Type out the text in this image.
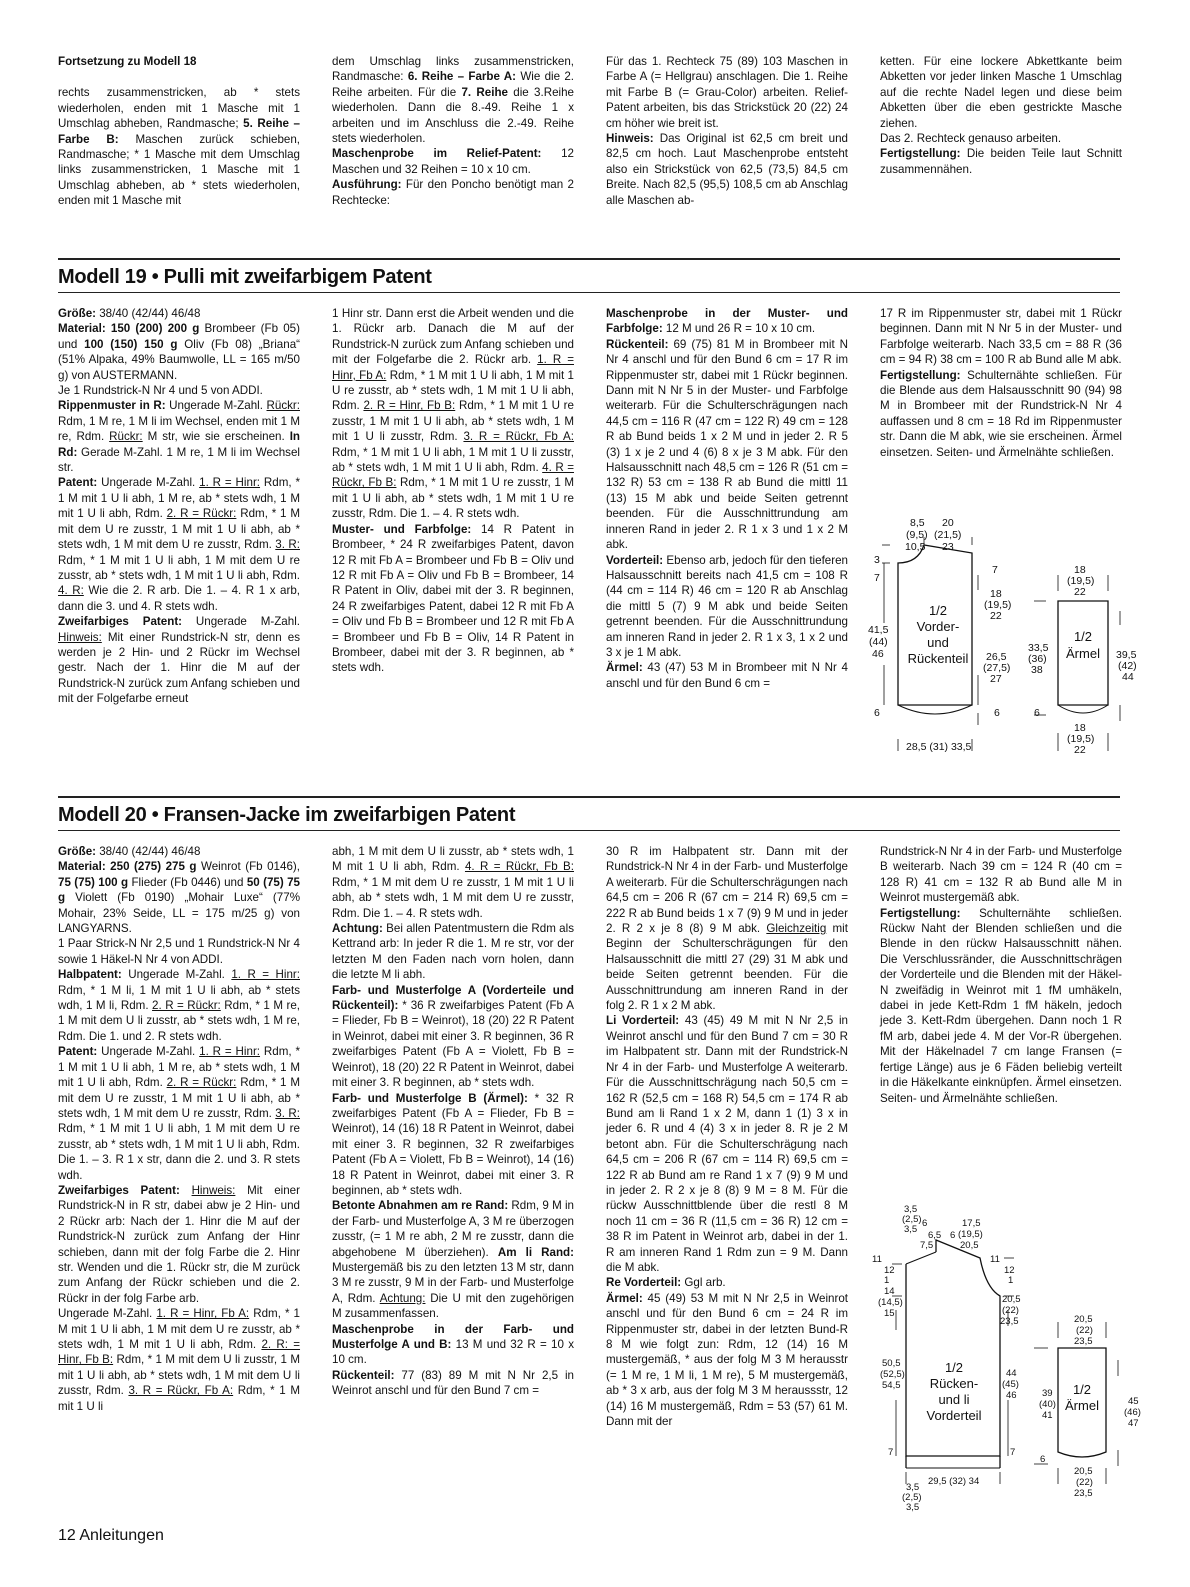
Fortsetzung zu Modell 18

rechts zusammenstricken, ab * stets wiederholen, enden mit 1 Masche mit 1 Umschlag abheben, Randmasche; 5. Reihe – Farbe B: Maschen zurück schieben, Randmasche; * 1 Masche mit dem Umschlag links zusammenstricken, 1 Masche mit 1 Umschlag abheben, ab * stets wiederholen, enden mit 1 Masche mit

dem Umschlag links zusammenstricken, Randmasche: 6. Reihe – Farbe A: Wie die 2. Reihe arbeiten. Für die 7. Reihe die 3.Reihe wiederholen. Dann die 8.-49. Reihe 1 x arbeiten und im Anschluss die 2.-49. Reihe stets wiederholen.

Maschenprobe im Relief-Patent: 12 Maschen und 32 Reihen = 10 x 10 cm.

Ausführung: Für den Poncho benötigt man 2 Rechtecke:

Für das 1. Rechteck 75 (89) 103 Maschen in Farbe A (= Hellgrau) anschlagen. Die 1. Reihe mit Farbe B (= Grau-Color) arbeiten. Relief-Patent arbeiten, bis das Strickstück 20 (22) 24 cm höher wie breit ist.

Hinweis: Das Original ist 62,5 cm breit und 82,5 cm hoch. Laut Maschenprobe entsteht also ein Strickstück von 62,5 (73,5) 84,5 cm Breite. Nach 82,5 (95,5) 108,5 cm ab Anschlag alle Maschen ab-

ketten. Für eine lockere Abkettkante beim Abketten vor jeder linken Masche 1 Umschlag auf die rechte Nadel legen und diese beim Abketten über die eben gestrickte Masche ziehen.

Das 2. Rechteck genauso arbeiten.

Fertigstellung: Die beiden Teile laut Schnitt zusammennähen.

Modell 19 • Pulli mit zweifarbigem Patent

Größe: 38/40 (42/44) 46/48
Material: 150 (200) 200 g Brombeer (Fb 05) und 100 (150) 150 g Oliv (Fb 08) „Briana“ (51% Alpaka, 49% Baumwolle, LL = 165 m/50 g) von AUSTERMANN.
Je 1 Rundstrick-N Nr 4 und 5 von ADDI.
Rippenmuster in R: Ungerade M-Zahl. Rückr: Rdm, 1 M re, 1 M li im Wechsel, enden mit 1 M re, Rdm. Rückr: M str, wie sie erscheinen. In Rd: Gerade M-Zahl. 1 M re, 1 M li im Wechsel str.
Patent: Ungerade M-Zahl. 1. R = Hinr: Rdm, * 1 M mit 1 U li abh, 1 M re, ab * stets wdh, 1 M mit 1 U li abh, Rdm. 2. R = Rückr: Rdm, * 1 M mit dem U re zusstr, 1 M mit 1 U li abh, ab * stets wdh, 1 M mit dem U re zusstr, Rdm. 3. R: Rdm, * 1 M mit 1 U li abh, 1 M mit dem U re zusstr, ab * stets wdh, 1 M mit 1 U li abh, Rdm. 4. R: Wie die 2. R arb. Die 1. – 4. R 1 x arb, dann die 3. und 4. R stets wdh.
Zweifarbiges Patent: Ungerade M-Zahl. Hinweis: Mit einer Rundstrick-N str, denn es werden je 2 Hin- und 2 Rückr im Wechsel gestr. Nach der 1. Hinr die M auf der Rundstrick-N zurück zum Anfang schieben und mit der Folgefarbe erneut

1 Hinr str. Dann erst die Arbeit wenden und die 1. Rückr arb. Danach die M auf der Rundstrick-N zurück zum Anfang schieben und mit der Folgefarbe die 2. Rückr arb. 1. R = Hinr, Fb A: Rdm, * 1 M mit 1 U li abh, 1 M mit 1 U re zusstr, ab * stets wdh, 1 M mit 1 U li abh, Rdm. 2. R = Hinr, Fb B: Rdm, * 1 M mit 1 U re zusstr, 1 M mit 1 U li abh, ab * stets wdh, 1 M mit 1 U li zusstr, Rdm. 3. R = Rückr, Fb A: Rdm, * 1 M mit 1 U li abh, 1 M mit 1 U li zusstr, ab * stets wdh, 1 M mit 1 U li abh, Rdm. 4. R = Rückr, Fb B: Rdm, * 1 M mit 1 U re zusstr, 1 M mit 1 U li abh, ab * stets wdh, 1 M mit 1 U re zusstr, Rdm. Die 1. – 4. R stets wdh.
Muster- und Farbfolge: 14 R Patent in Brombeer, * 24 R zweifarbiges Patent, davon 12 R mit Fb A = Brombeer und Fb B = Oliv und 12 R mit Fb A = Oliv und Fb B = Brombeer, 14 R Patent in Oliv, dabei mit der 3. R beginnen, 24 R zweifarbiges Patent, dabei 12 R mit Fb A = Oliv und Fb B = Brombeer und 12 R mit Fb A = Brombeer und Fb B = Oliv, 14 R Patent in Brombeer, dabei mit der 3. R beginnen, ab * stets wdh.

Maschenprobe in der Muster- und Farbfolge: 12 M und 26 R = 10 x 10 cm.
Rückenteil: 69 (75) 81 M in Brombeer mit N Nr 4 anschl und für den Bund 6 cm = 17 R im Rippenmuster str, dabei mit 1 Rückr beginnen. Dann mit N Nr 5 in der Muster- und Farbfolge weiterarb. Für die Schulterschrägungen nach 44,5 cm = 116 R (47 cm = 122 R) 49 cm = 128 R ab Bund beids 1 x 2 M und in jeder 2. R 5 (3) 1 x je 2 und 4 (6) 8 x je 3 M abk. Für den Halsausschnitt nach 48,5 cm = 126 R (51 cm = 132 R) 53 cm = 138 R ab Bund die mittl 11 (13) 15 M abk und beide Seiten getrennt beenden. Für die Ausschnittrundung am inneren Rand in jeder 2. R 1 x 3 und 1 x 2 M abk.
Vorderteil: Ebenso arb, jedoch für den tieferen Halsausschnitt bereits nach 41,5 cm = 108 R (44 cm = 114 R) 46 cm = 120 R ab Anschlag die mittl 5 (7) 9 M abk und beide Seiten getrennt beenden. Für die Ausschnittrundung am inneren Rand in jeder 2. R 1 x 3, 1 x 2 und 3 x je 1 M abk.
Ärmel: 43 (47) 53 M in Brombeer mit N Nr 4 anschl und für den Bund 6 cm =

17 R im Rippenmuster str, dabei mit 1 Rückr beginnen. Dann mit N Nr 5 in der Muster- und Farbfolge weiterarb. Nach 33,5 cm = 88 R (36 cm = 94 R) 38 cm = 100 R ab Bund alle M abk.
Fertigstellung: Schulternähte schließen. Für die Blende aus dem Halsausschnitt 90 (94) 98 M in Brombeer mit der Rundstrick-N Nr 4 auffassen und 8 cm = 18 Rd im Rippenmuster str. Dann die M abk, wie sie erscheinen. Ärmel einsetzen. Seiten- und Ärmelnähte schließen.

8,5
(9,5)
10,5
20
(21,5)
23
3
7
41,5
(44)
46
7
18
(19,5)
22
26,5
(27,5)
27
6	6	6
28,5 (31) 33,5
18
(19,5)
22
33,5
(36)
38
39,5
(42)
44
18
(19,5)
22
1/2
Vorder-
und
Rückenteil
1/2
Ärmel
Modell 20 • Fransen-Jacke im zweifarbigen Patent

Größe: 38/40 (42/44) 46/48
Material: 250 (275) 275 g Weinrot (Fb 0146), 75 (75) 100 g Flieder (Fb 0446) und 50 (75) 75 g Violett (Fb 0190) „Mohair Luxe“ (77% Mohair, 23% Seide, LL = 175 m/25 g) von LANGYARNS.
1 Paar Strick-N Nr 2,5 und 1 Rundstrick-N Nr 4 sowie 1 Häkel-N Nr 4 von ADDI.
Halbpatent: Ungerade M-Zahl. 1. R = Hinr: Rdm, * 1 M li, 1 M mit 1 U li abh, ab * stets wdh, 1 M li, Rdm. 2. R = Rückr: Rdm, * 1 M re, 1 M mit dem U li zusstr, ab * stets wdh, 1 M re, Rdm. Die 1. und 2. R stets wdh.
Patent: Ungerade M-Zahl. 1. R = Hinr: Rdm, * 1 M mit 1 U li abh, 1 M re, ab * stets wdh, 1 M mit 1 U li abh, Rdm. 2. R = Rückr: Rdm, * 1 M mit dem U re zusstr, 1 M mit 1 U li abh, ab * stets wdh, 1 M mit dem U re zusstr, Rdm. 3. R: Rdm, * 1 M mit 1 U li abh, 1 M mit dem U re zusstr, ab * stets wdh, 1 M mit 1 U li abh, Rdm. Die 1. – 3. R 1 x str, dann die 2. und 3. R stets wdh.
Zweifarbiges Patent: Hinweis: Mit einer Rundstrick-N in R str, dabei abw je 2 Hin- und 2 Rückr arb: Nach der 1. Hinr die M auf der Rundstrick-N zurück zum Anfang der Hinr schieben, dann mit der folg Farbe die 2. Hinr str. Wenden und die 1. Rückr str, die M zurück zum Anfang der Rückr schieben und die 2. Rückr in der folg Farbe arb.
Ungerade M-Zahl. 1. R = Hinr, Fb A: Rdm, * 1 M mit 1 U li abh, 1 M mit dem U re zusstr, ab * stets wdh, 1 M mit 1 U li abh, Rdm. 2. R: = Hinr, Fb B: Rdm, * 1 M mit dem U li zusstr, 1 M mit 1 U li abh, ab * stets wdh, 1 M mit dem U li zusstr, Rdm. 3. R = Rückr, Fb A: Rdm, * 1 M mit 1 U li

abh, 1 M mit dem U li zusstr, ab * stets wdh, 1 M mit 1 U li abh, Rdm. 4. R = Rückr, Fb B: Rdm, * 1 M mit dem U re zusstr, 1 M mit 1 U li abh, ab * stets wdh, 1 M mit dem U re zusstr, Rdm. Die 1. – 4. R stets wdh.
Achtung: Bei allen Patentmustern die Rdm als Kettrand arb: In jeder R die 1. M re str, vor der letzten M den Faden nach vorn holen, dann die letzte M li abh.
Farb- und Musterfolge A (Vorderteile und Rückenteil): * 36 R zweifarbiges Patent (Fb A = Flieder, Fb B = Weinrot), 18 (20) 22 R Patent in Weinrot, dabei mit einer 3. R beginnen, 36 R zweifarbiges Patent (Fb A = Violett, Fb B = Weinrot), 18 (20) 22 R Patent in Weinrot, dabei mit einer 3. R beginnen, ab * stets wdh.
Farb- und Musterfolge B (Ärmel): * 32 R zweifarbiges Patent (Fb A = Flieder, Fb B = Weinrot), 14 (16) 18 R Patent in Weinrot, dabei mit einer 3. R beginnen, 32 R zweifarbiges Patent (Fb A = Violett, Fb B = Weinrot), 14 (16) 18 R Patent in Weinrot, dabei mit einer 3. R beginnen, ab * stets wdh.
Betonte Abnahmen am re Rand: Rdm, 9 M in der Farb- und Musterfolge A, 3 M re überzogen zusstr, (= 1 M re abh, 2 M re zusstr, dann die abgehobene M überziehen). Am li Rand: Mustergemäß bis zu den letzten 13 M str, dann 3 M re zusstr, 9 M in der Farb- und Musterfolge A, Rdm. Achtung: Die U mit den zugehörigen M zusammenfassen.
Maschenprobe in der Farb- und Musterfolge A und B: 13 M und 32 R = 10 x 10 cm.
Rückenteil: 77 (83) 89 M mit N Nr 2,5 in Weinrot anschl und für den Bund 7 cm =

30 R im Halbpatent str. Dann mit der Rundstrick-N Nr 4 in der Farb- und Musterfolge A weiterarb. Für die Schulterschrägungen nach 64,5 cm = 206 R (67 cm = 214 R) 69,5 cm = 222 R ab Bund beids 1 x 7 (9) 9 M und in jeder 2. R 2 x je 8 (8) 9 M abk. Gleichzeitig mit Beginn der Schulterschrägungen für den Halsausschnitt die mittl 27 (29) 31 M abk und beide Seiten getrennt beenden. Für die Ausschnittrundung am inneren Rand in der folg 2. R 1 x 2 M abk.
Li Vorderteil: 43 (45) 49 M mit N Nr 2,5 in Weinrot anschl und für den Bund 7 cm = 30 R im Halbpatent str. Dann mit der Rundstrick-N Nr 4 in der Farb- und Musterfolge A weiterarb. Für die Ausschnittschrägung nach 50,5 cm = 162 R (52,5 cm = 168 R) 54,5 cm = 174 R ab Bund am li Rand 1 x 2 M, dann 1 (1) 3 x in jeder 6. R und 4 (4) 3 x in jeder 8. R je 2 M betont abn. Für die Schulterschrägung nach 64,5 cm = 206 R (67 cm = 114 R) 69,5 cm = 122 R ab Bund am re Rand 1 x 7 (9) 9 M und in jeder 2. R 2 x je 8 (8) 9 M = 8 M. Für die rückw Ausschnittblende über die restl 8 M noch 11 cm = 36 R (11,5 cm = 36 R) 12 cm = 38 R im Patent in Weinrot arb, dabei in der 1. R am inneren Rand 1 Rdm zun = 9 M. Dann die M abk.
Re Vorderteil: Ggl arb.
Ärmel: 45 (49) 53 M mit N Nr 2,5 in Weinrot anschl und für den Bund 6 cm = 24 R im Rippenmuster str, dabei in der letzten Bund-R 8 M wie folgt zun: Rdm, 12 (14) 16 M mustergemäß, * aus der folg M 3 M herausstr (= 1 M re, 1 M li, 1 M re), 5 M mustergemäß, ab * 3 x arb, aus der folg M 3 M heraussstr, 12 (14) 16 M mustergemäß, Rdm = 53 (57) 61 M. Dann mit der

Rundstrick-N Nr 4 in der Farb- und Musterfolge B weiterarb. Nach 39 cm = 124 R (40 cm = 128 R) 41 cm = 132 R ab Bund alle M in Weinrot mustergemäß abk.
Fertigstellung: Schulternähte schließen. Rückw Naht der Blenden schließen und die Blende in den rückw Halsausschnitt nähen. Die Verschlussränder, die Ausschnittschrägen der Vorderteile und die Blenden mit der Häkel-N zweifädig in Weinrot mit 1 fM umhäkeln, dabei in jede Kett-Rdm 1 fM häkeln, jedoch jede 3. Kett-Rdm übergehen. Dann noch 1 R fM arb, dabei jede 4. M der Vor-R übergehen. Mit der Häkelnadel 7 cm lange Fransen (= fertige Länge) aus je 6 Fäden beliebig verteilt in die Häkelkante einknüpfen. Ärmel einsetzen. Seiten- und Ärmelnähte schließen.

3,5
(2,5)
3,5
6
6,5
7,5
6
17,5
(19,5)
20,5
11
12
1
14
(14,5)
15
11
12
1
20,5
(22)
23,5
50,5
(52,5)
54,5
44
(45)
46
7	7
29,5 (32) 34
3,5
(2,5)
3,5
20,5
(22)
23,5
39
(40)
41
45
(46)
47
6
20,5
(22)
23,5
1/2
Rücken-
und li
Vorderteil
1/2
Ärmel
12 Anleitungen
